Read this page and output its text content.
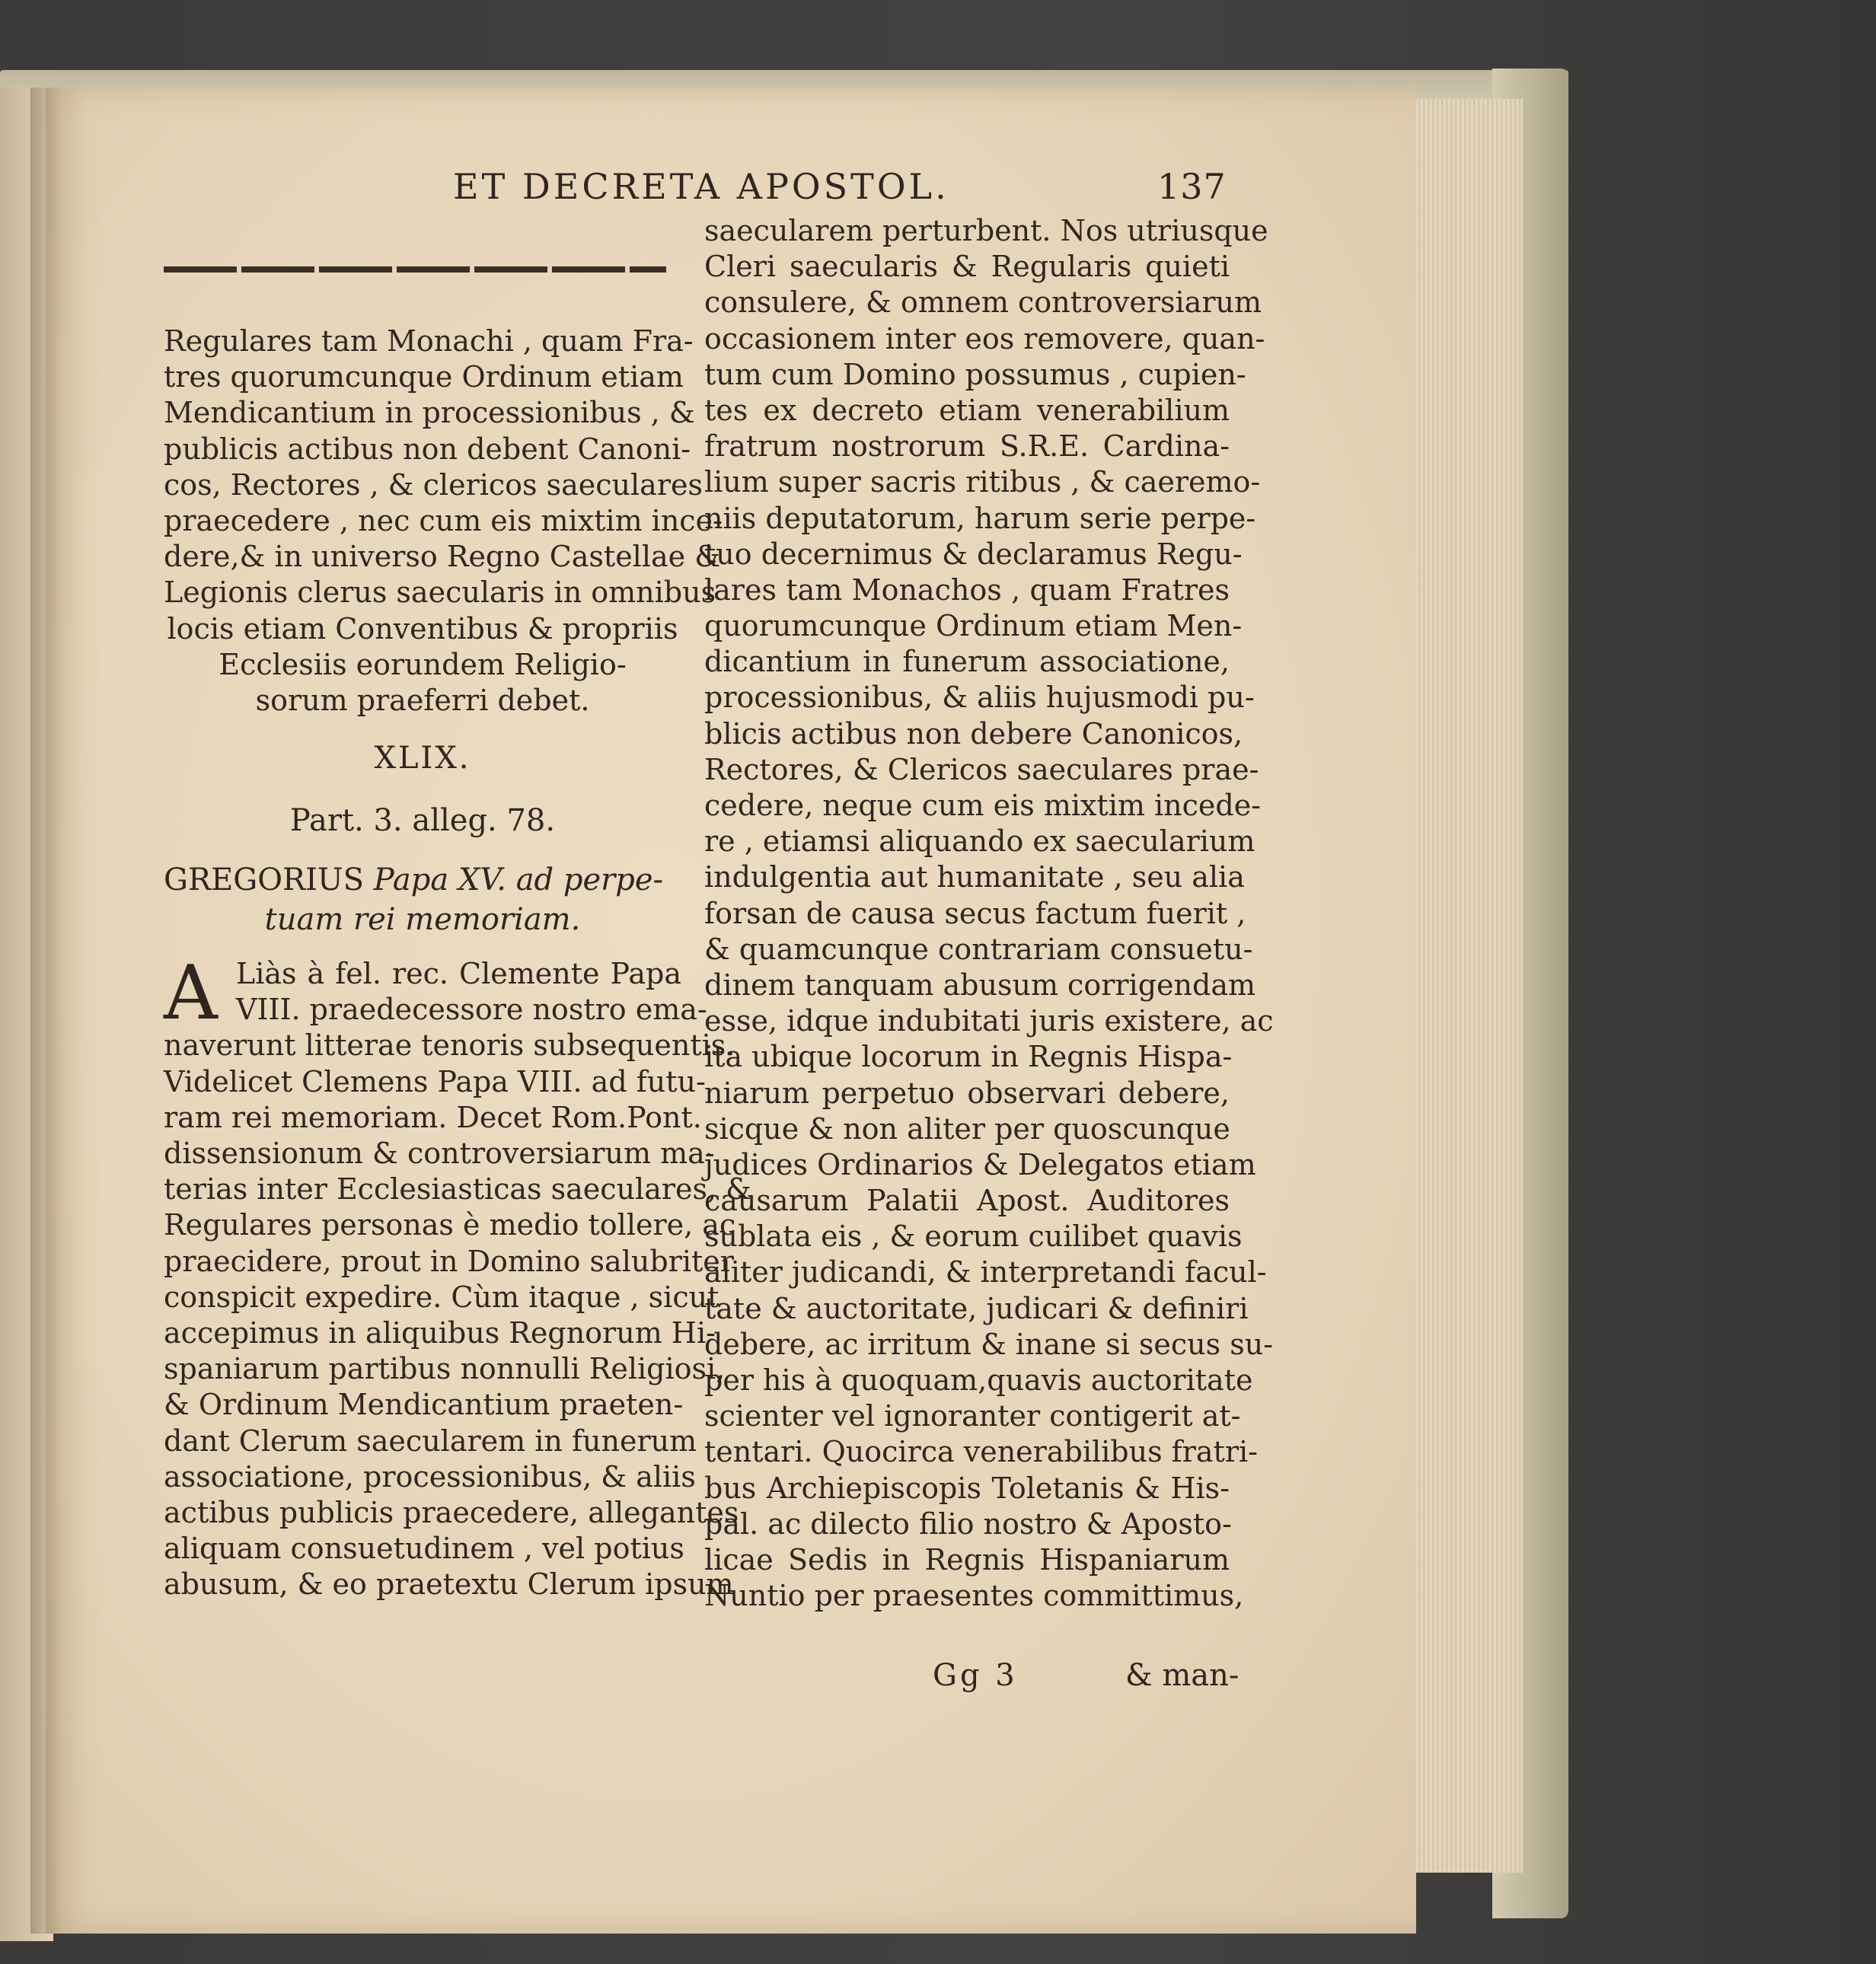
ET DECRETA APOSTOL.	137
Regulares tam Monachi , quam Fra-
tres quorumcunque Ordinum etiam
Mendicantium in processionibus , &
publicis actibus non debent Canoni-
cos, Rectores , & clericos saeculares
praecedere , nec cum eis mixtim ince-
dere,& in universo Regno Castellae &
Legionis clerus saecularis in omnibus
locis etiam Conventibus & propriis
Ecclesiis eorundem Religio-
sorum praeferri debet.
XLIX.
Part. 3. alleg. 78.
GREGORIUS Papa XV. ad perpe-
tuam rei memoriam.
A Liàs à fel. rec. Clemente Papa
VIII. praedecessore nostro ema-
naverunt litterae tenoris subsequentis.
Videlicet Clemens Papa VIII. ad futu-
ram rei memoriam. Decet Rom.Pont.
dissensionum & controversiarum ma-
terias inter Ecclesiasticas saeculares, &
Regulares personas è medio tollere, ac
praecidere, prout in Domino salubriter
conspicit expedire. Cùm itaque , sicut
accepimus in aliquibus Regnorum Hi-
spaniarum partibus nonnulli Religiosi,
& Ordinum Mendicantium praeten-
dant Clerum saecularem in funerum
associatione, processionibus, & aliis
actibus publicis praecedere, allegantes
aliquam consuetudinem , vel potius
abusum, & eo praetextu Clerum ipsum
saecularem perturbent. Nos utriusque
Cleri saecularis & Regularis quieti
consulere, & omnem controversiarum
occasionem inter eos removere, quan-
tum cum Domino possumus , cupien-
tes ex decreto etiam venerabilium
fratrum nostrorum S.R.E. Cardina-
lium super sacris ritibus , & caeremo-
niis deputatorum, harum serie perpe-
tuo decernimus & declaramus Regu-
lares tam Monachos , quam Fratres
quorumcunque Ordinum etiam Men-
dicantium in funerum associatione,
processionibus, & aliis hujusmodi pu-
blicis actibus non debere Canonicos,
Rectores, & Clericos saeculares prae-
cedere, neque cum eis mixtim incede-
re , etiamsi aliquando ex saecularium
indulgentia aut humanitate , seu alia
forsan de causa secus factum fuerit ,
& quamcunque contrariam consuetu-
dinem tanquam abusum corrigendam
esse, idque indubitati juris existere, ac
ita ubique locorum in Regnis Hispa-
niarum perpetuo observari debere,
sicque & non aliter per quoscunque
judices Ordinarios & Delegatos etiam
causarum Palatii Apost. Auditores
sublata eis , & eorum cuilibet quavis
aliter judicandi, & interpretandi facul-
tate & auctoritate, judicari & definiri
debere, ac irritum & inane si secus su-
per his à quoquam,quavis auctoritate
scienter vel ignoranter contigerit at-
tentari. Quocirca venerabilibus fratri-
bus Archiepiscopis Toletanis & His-
pal. ac dilecto filio nostro & Aposto-
licae Sedis in Regnis Hispaniarum
Nuntio per praesentes committimus,
Gg 3	& man-
